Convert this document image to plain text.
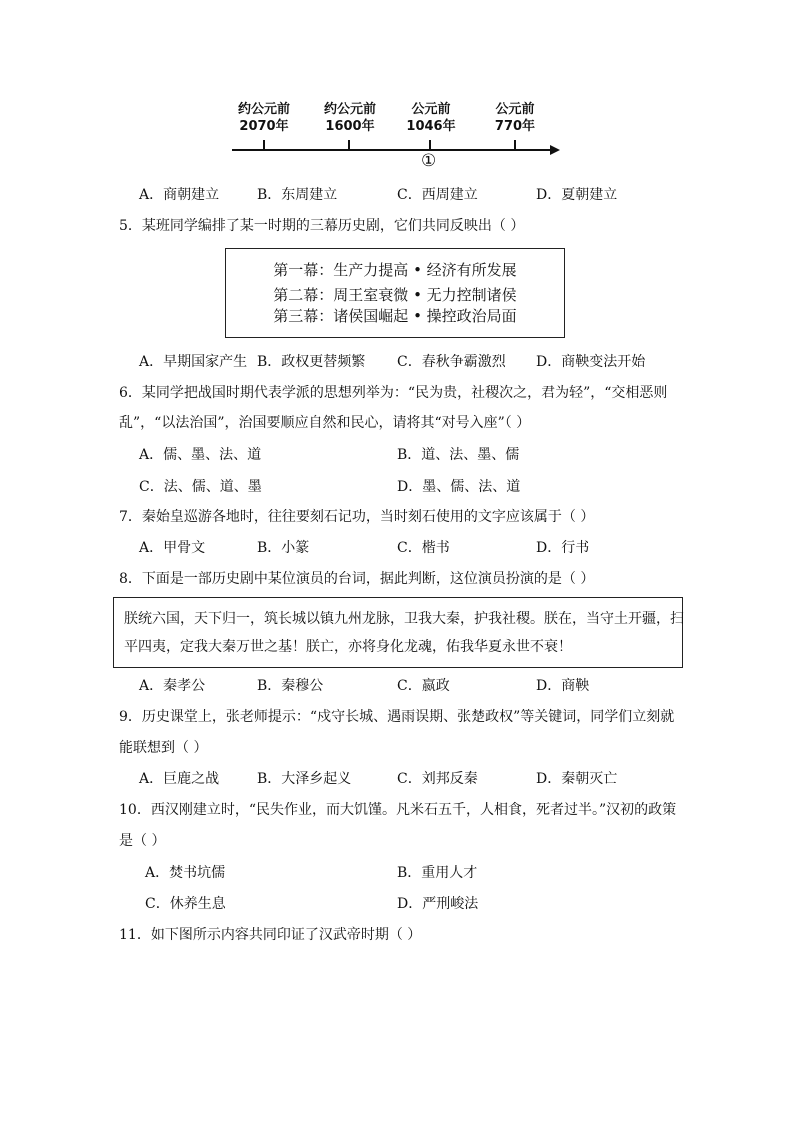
约公元前
2070年
约公元前
1600年
公元前
1046年
公元前
770年
①
A．商朝建立	B．东周建立	C．西周建立	D．夏朝建立
5．某班同学编排了某一时期的三幕历史剧，它们共同反映出（ ）
第一幕：生产力提高 • 经济有所发展
第二幕：周王室衰微 • 无力控制诸侯
第三幕：诸侯国崛起 • 操控政治局面
A．早期国家产生 B．政权更替频繁 C．春秋争霸激烈 D．商鞅变法开始
6．某同学把战国时期代表学派的思想列举为：“民为贵，社稷次之，君为轻”，“交相恶则
乱”，“以法治国”，治国要顺应自然和民心，请将其“对号入座”（ ）
A．儒、墨、法、道	B．道、法、墨、儒
C．法、儒、道、墨	D．墨、儒、法、道
7．秦始皇巡游各地时，往往要刻石记功，当时刻石使用的文字应该属于（ ）
A．甲骨文	B．小篆	C．楷书	D．行书
8．下面是一部历史剧中某位演员的台词，据此判断，这位演员扮演的是（ ）
朕统六国，天下归一，筑长城以镇九州龙脉，卫我大秦，护我社稷。朕在，当守土开疆，扫
平四夷，定我大秦万世之基！朕亡，亦将身化龙魂，佑我华夏永世不衰！
A．秦孝公	B．秦穆公	C．嬴政	D．商鞅
9．历史课堂上，张老师提示：“戍守长城、遇雨误期、张楚政权”等关键词，同学们立刻就
能联想到（ ）
A．巨鹿之战	B．大泽乡起义	C．刘邦反秦	D．秦朝灭亡
10．西汉刚建立时，“民失作业，而大饥馑。凡米石五千，人相食，死者过半。”汉初的政策
是（ ）
A．焚书坑儒	B．重用人才
C．休养生息	D．严刑峻法
11．如下图所示内容共同印证了汉武帝时期（ ）
